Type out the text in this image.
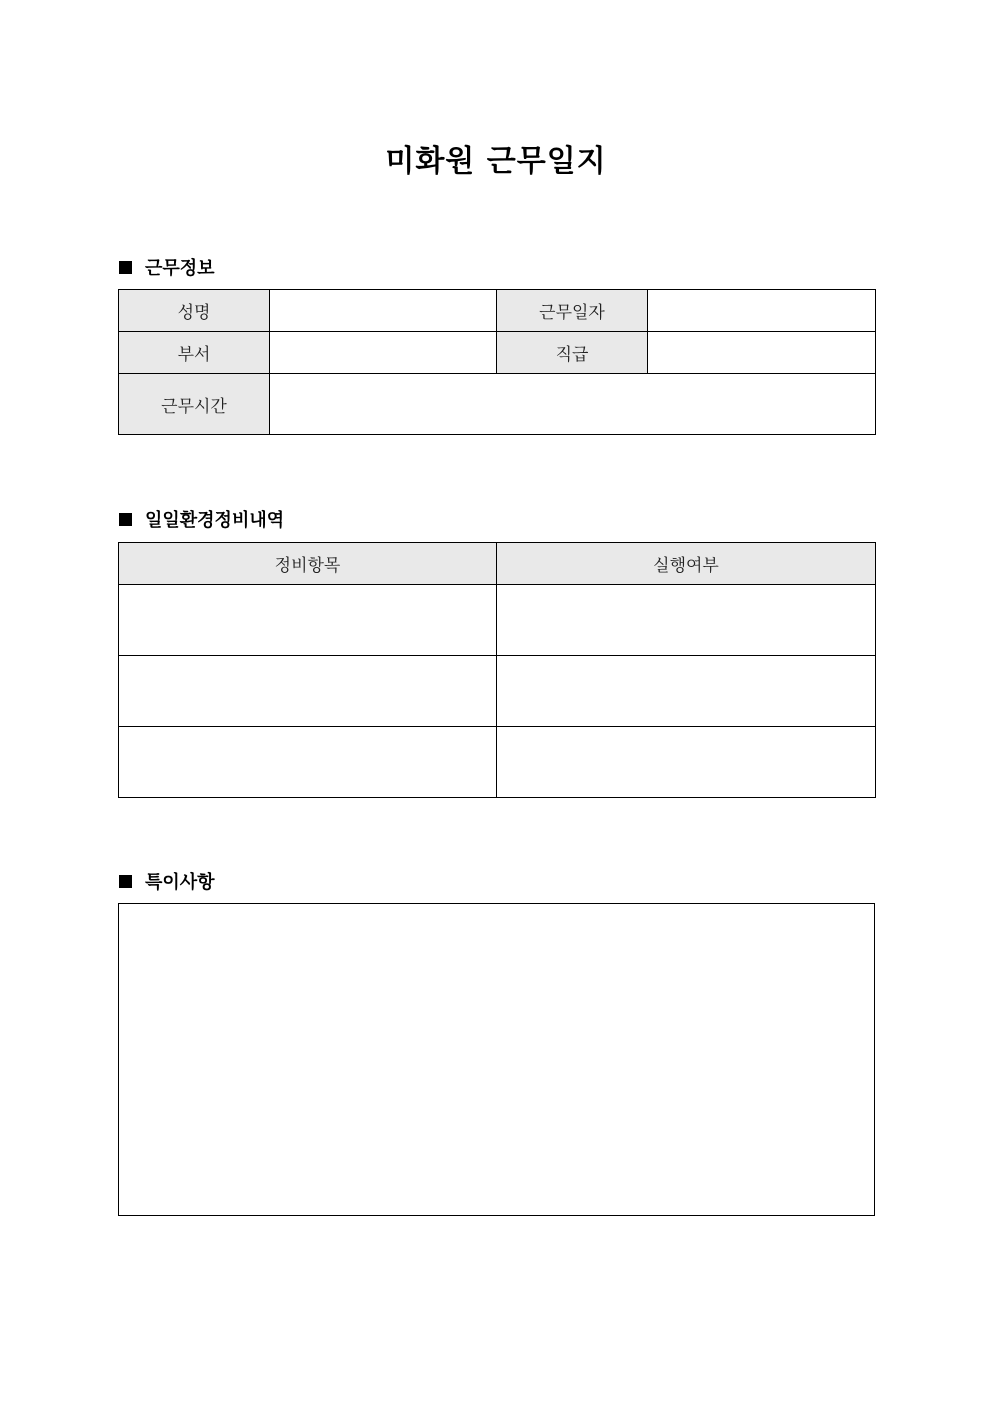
미화원 근무일지
근무정보
성명		근무일자	
부서		직급	
근무시간			
일일환경정비내역
정비항목	실행여부

특이사항
